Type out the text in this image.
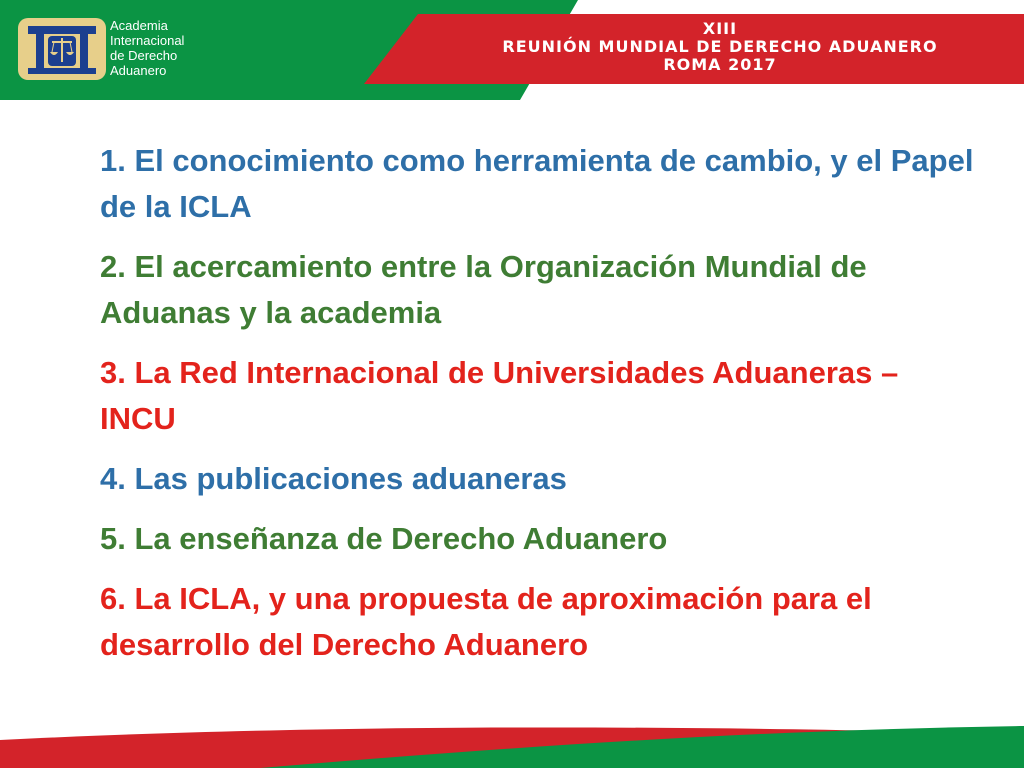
Academia
Internacional
de Derecho
Aduanero
XIII
REUNIÓN MUNDIAL DE DERECHO ADUANERO
ROMA 2017
1. El conocimiento como herramienta de cambio, y el Papel de la ICLA
2. El acercamiento entre la Organización Mundial de Aduanas y la academia
3. La Red Internacional de Universidades Aduaneras – INCU
4. Las publicaciones aduaneras
5. La enseñanza de Derecho Aduanero
6. La ICLA, y una propuesta de aproximación para el desarrollo del Derecho Aduanero
